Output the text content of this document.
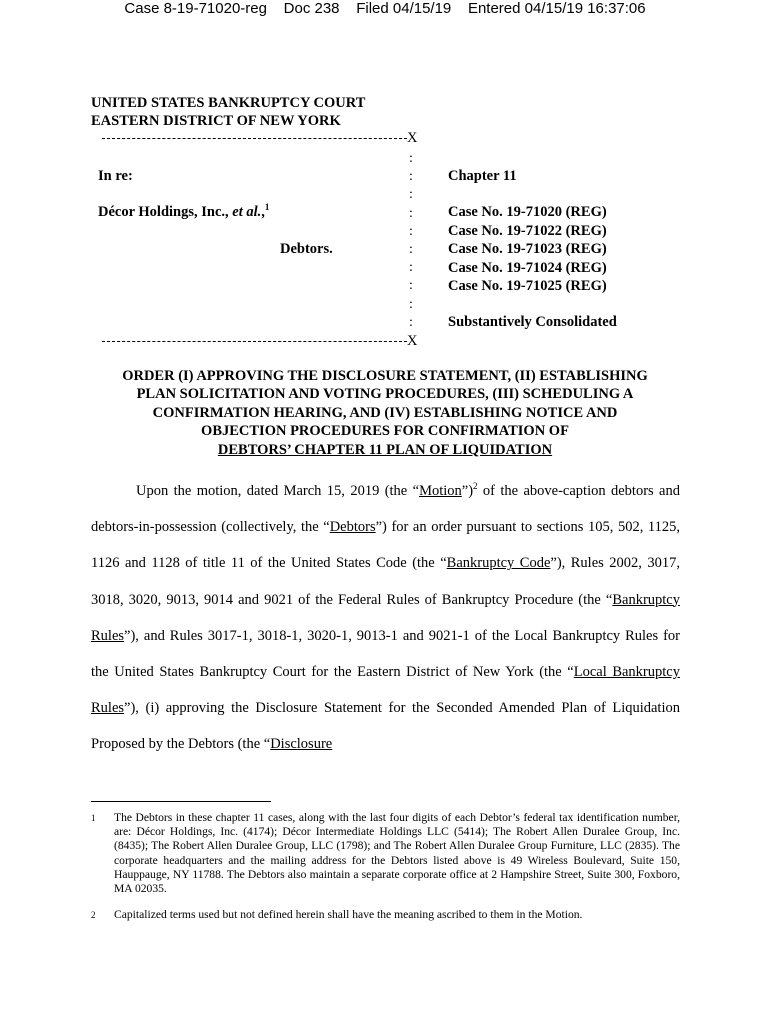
Case 8-19-71020-reg Doc 238 Filed 04/15/19 Entered 04/15/19 16:37:06
UNITED STATES BANKRUPTCY COURT
EASTERN DISTRICT OF NEW YORK
X
:
:
:
:
:
:
:
:
:
:
In re:
Décor Holdings, Inc., et al.,$^1$
Debtors.
Chapter 11
Case No. 19-71020 (REG)
Case No. 19-71022 (REG)
Case No. 19-71023 (REG)
Case No. 19-71024 (REG)
Case No. 19-71025 (REG)
Substantively Consolidated
X
ORDER (I) APPROVING THE DISCLOSURE STATEMENT, (II) ESTABLISHING
PLAN SOLICITATION AND VOTING PROCEDURES, (III) SCHEDULING A
CONFIRMATION HEARING, AND (IV) ESTABLISHING NOTICE AND
OBJECTION PROCEDURES FOR CONFIRMATION OF
DEBTORS’ CHAPTER 11 PLAN OF LIQUIDATION

Upon the motion, dated March 15, 2019 (the “Motion”)$^2$ of the above-caption debtors and debtors-in-possession (collectively, the “Debtors”) for an order pursuant to sections 105, 502, 1125, 1126 and 1128 of title 11 of the United States Code (the “Bankruptcy Code”), Rules 2002, 3017, 3018, 3020, 9013, 9014 and 9021 of the Federal Rules of Bankruptcy Procedure (the “Bankruptcy Rules”), and Rules 3017-1, 3018-1, 3020-1, 9013-1 and 9021-1 of the Local Bankruptcy Rules for the United States Bankruptcy Court for the Eastern District of New York (the “Local Bankruptcy Rules”), (i) approving the Disclosure Statement for the Seconded Amended Plan of Liquidation Proposed by the Debtors (the “Disclosure

1 The Debtors in these chapter 11 cases, along with the last four digits of each Debtor’s federal tax identification number, are: Décor Holdings, Inc. (4174); Décor Intermediate Holdings LLC (5414); The Robert Allen Duralee Group, Inc. (8435); The Robert Allen Duralee Group, LLC (1798); and The Robert Allen Duralee Group Furniture, LLC (2835). The corporate headquarters and the mailing address for the Debtors listed above is 49 Wireless Boulevard, Suite 150, Hauppauge, NY 11788. The Debtors also maintain a separate corporate office at 2 Hampshire Street, Suite 300, Foxboro, MA 02035.
2 Capitalized terms used but not defined herein shall have the meaning ascribed to them in the Motion.
